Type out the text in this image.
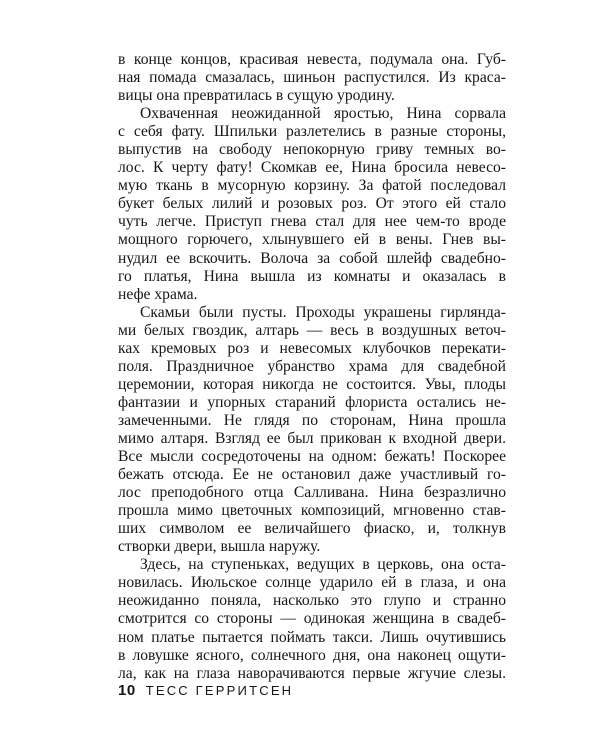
в конце концов, красивая невеста, подумала она. Губ-
ная помада смазалась, шиньон распустился. Из краса-
вицы она превратилась в сущую уродину.
Охваченная неожиданной яростью, Нина сорвала
с себя фату. Шпильки разлетелись в разные стороны,
выпустив на свободу непокорную гриву темных во-
лос. К черту фату! Скомкав ее, Нина бросила невесо-
мую ткань в мусорную корзину. За фатой последовал
букет белых лилий и розовых роз. От этого ей стало
чуть легче. Приступ гнева стал для нее чем-то вроде
мощного горючего, хлынувшего ей в вены. Гнев вы-
нудил ее вскочить. Волоча за собой шлейф свадебно-
го платья, Нина вышла из комнаты и оказалась в
нефе храма.
Скамьи были пусты. Проходы украшены гирлянда-
ми белых гвоздик, алтарь — весь в воздушных веточ-
ках кремовых роз и невесомых клубочков перекати-
поля. Праздничное убранство храма для свадебной
церемонии, которая никогда не состоится. Увы, плоды
фантазии и упорных стараний флориста остались не-
замеченными. Не глядя по сторонам, Нина прошла
мимо алтаря. Взгляд ее был прикован к входной двери.
Все мысли сосредоточены на одном: бежать! Поскорее
бежать отсюда. Ее не остановил даже участливый го-
лос преподобного отца Салливана. Нина безразлично
прошла мимо цветочных композиций, мгновенно став-
ших символом ее величайшего фиаско, и, толкнув
створки двери, вышла наружу.
Здесь, на ступеньках, ведущих в церковь, она оста-
новилась. Июльское солнце ударило ей в глаза, и она
неожиданно поняла, насколько это глупо и странно
смотрится со стороны — одинокая женщина в свадеб-
ном платье пытается поймать такси. Лишь очутившись
в ловушке ясного, солнечного дня, она наконец ощути-
ла, как на глаза наворачиваются первые жгучие слезы.
10 ТЕСС ГЕРРИТСЕН
